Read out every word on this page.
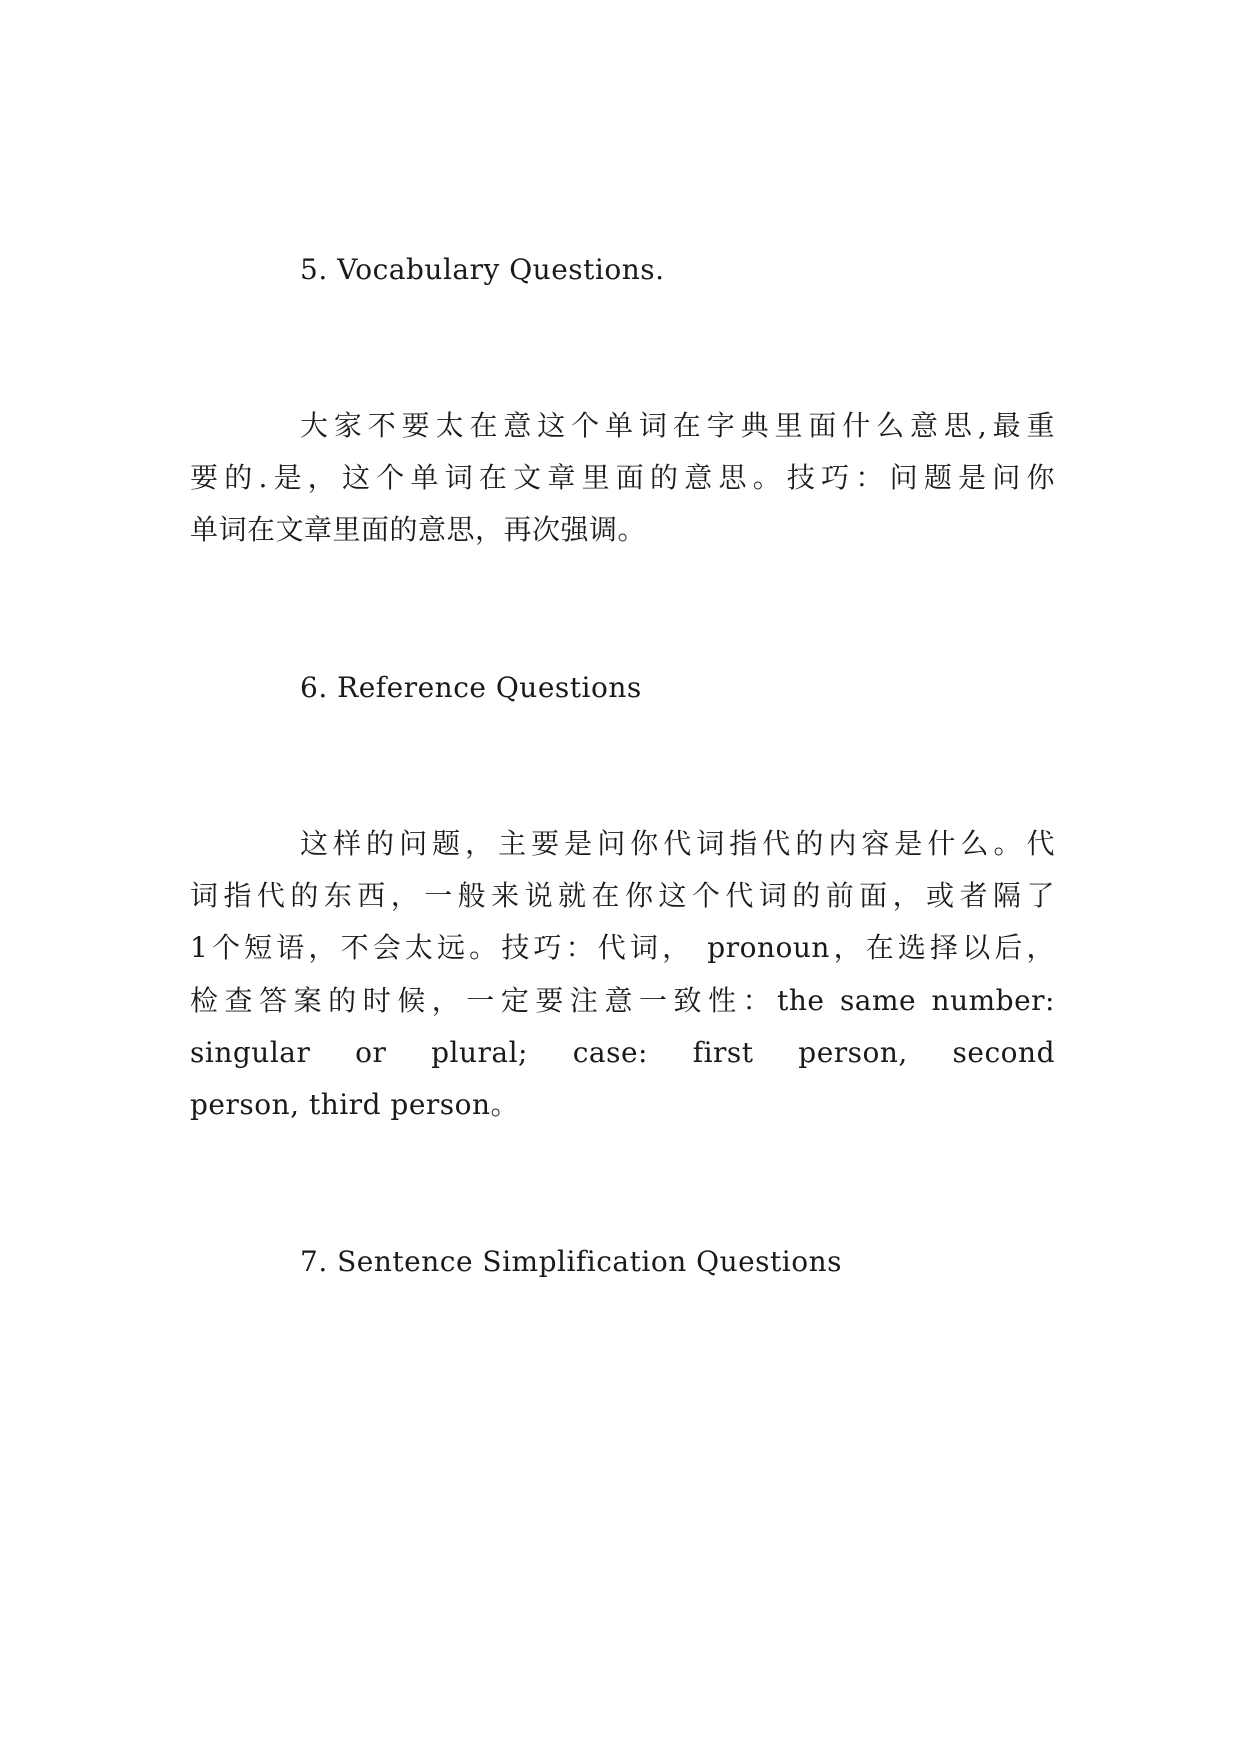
5. Vocabulary Questions.
大家不要太在意这个单词在字典里面什么意思,最重
要的.是，这个单词在文章里面的意思。技巧：问题是问你
单词在文章里面的意思，再次强调。
6. Reference Questions
这样的问题，主要是问你代词指代的内容是什么。代
词指代的东西，一般来说就在你这个代词的前面，或者隔了
1个短语，不会太远。技巧：代词， pronoun，在选择以后，
检查答案的时候，一定要注意一致性：the same number:
singular or plural; case: first person, second
person, third person。
7. Sentence Simplification Questions
